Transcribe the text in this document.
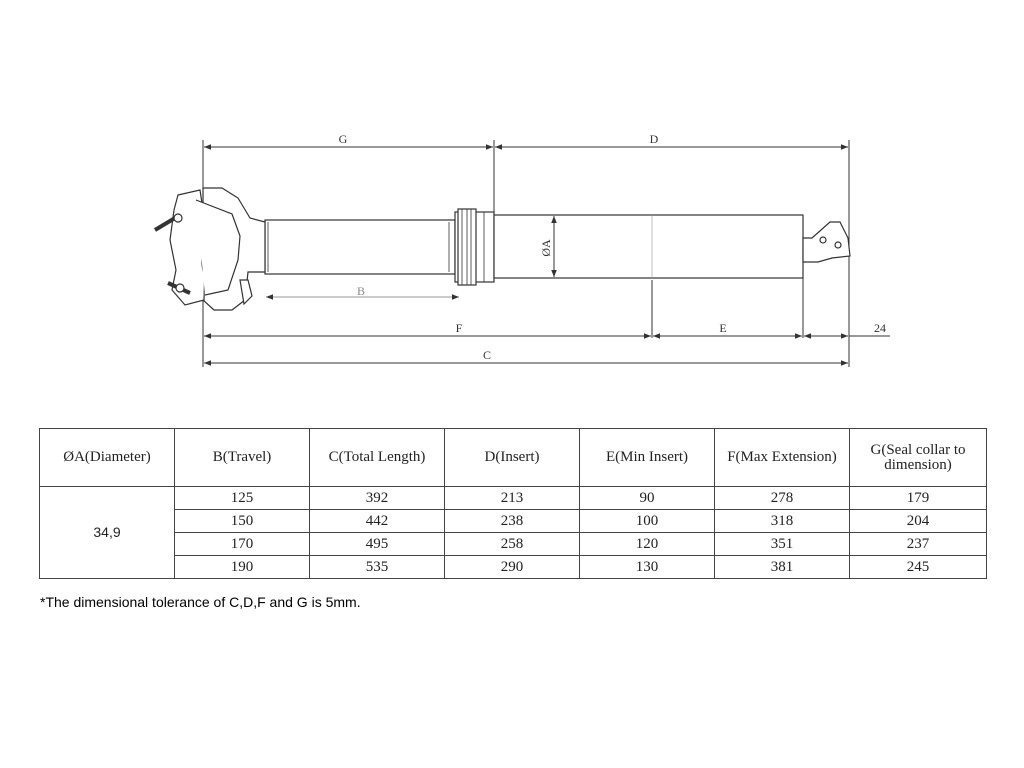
G	D
B
ØA
F	E	24
C
ØA(Diameter)	B(Travel)	C(Total Length)	D(Insert)	E(Min Insert)	F(Max Extension)	G(Seal collar to dimension)
34,9	125	392	213	90	278	179
	150	442	238	100	318	204
	170	495	258	120	351	237
	190	535	290	130	381	245
*The dimensional tolerance of C,D,F and G is 5mm.
